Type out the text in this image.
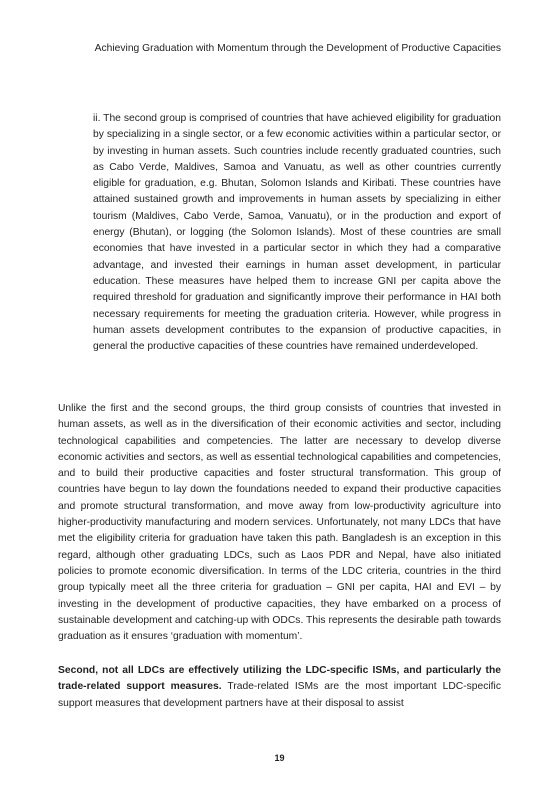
Achieving Graduation with Momentum through the Development of Productive Capacities

ii. The second group is comprised of countries that have achieved eligibility for graduation by specializing in a single sector, or a few economic activities within a particular sector, or by investing in human assets. Such countries include recently graduated countries, such as Cabo Verde, Maldives, Samoa and Vanuatu, as well as other countries currently eligible for graduation, e.g. Bhutan, Solomon Islands and Kiribati. These countries have attained sustained growth and improvements in human assets by specializing in either tourism (Maldives, Cabo Verde, Samoa, Vanuatu), or in the production and export of energy (Bhutan), or logging (the Solomon Islands). Most of these countries are small economies that have invested in a particular sector in which they had a comparative advantage, and invested their earnings in human asset development, in particular education. These measures have helped them to increase GNI per capita above the required threshold for graduation and significantly improve their performance in HAI both necessary requirements for meeting the graduation criteria. However, while progress in human assets development contributes to the expansion of productive capacities, in general the productive capacities of these countries have remained underdeveloped.

Unlike the first and the second groups, the third group consists of countries that invested in human assets, as well as in the diversification of their economic activities and sector, including technological capabilities and competencies. The latter are necessary to develop diverse economic activities and sectors, as well as essential technological capabilities and competencies, and to build their productive capacities and foster structural transformation. This group of countries have begun to lay down the foundations needed to expand their productive capacities and promote structural transformation, and move away from low-productivity agriculture into higher-productivity manufacturing and modern services. Unfortunately, not many LDCs that have met the eligibility criteria for graduation have taken this path. Bangladesh is an exception in this regard, although other graduating LDCs, such as Laos PDR and Nepal, have also initiated policies to promote economic diversification. In terms of the LDC criteria, countries in the third group typically meet all the three criteria for graduation – GNI per capita, HAI and EVI – by investing in the development of productive capacities, they have embarked on a process of sustainable development and catching-up with ODCs. This represents the desirable path towards graduation as it ensures ‘graduation with momentum’.

Second, not all LDCs are effectively utilizing the LDC-specific ISMs, and particularly the trade-related support measures. Trade-related ISMs are the most important LDC-specific support measures that development partners have at their disposal to assist

19
